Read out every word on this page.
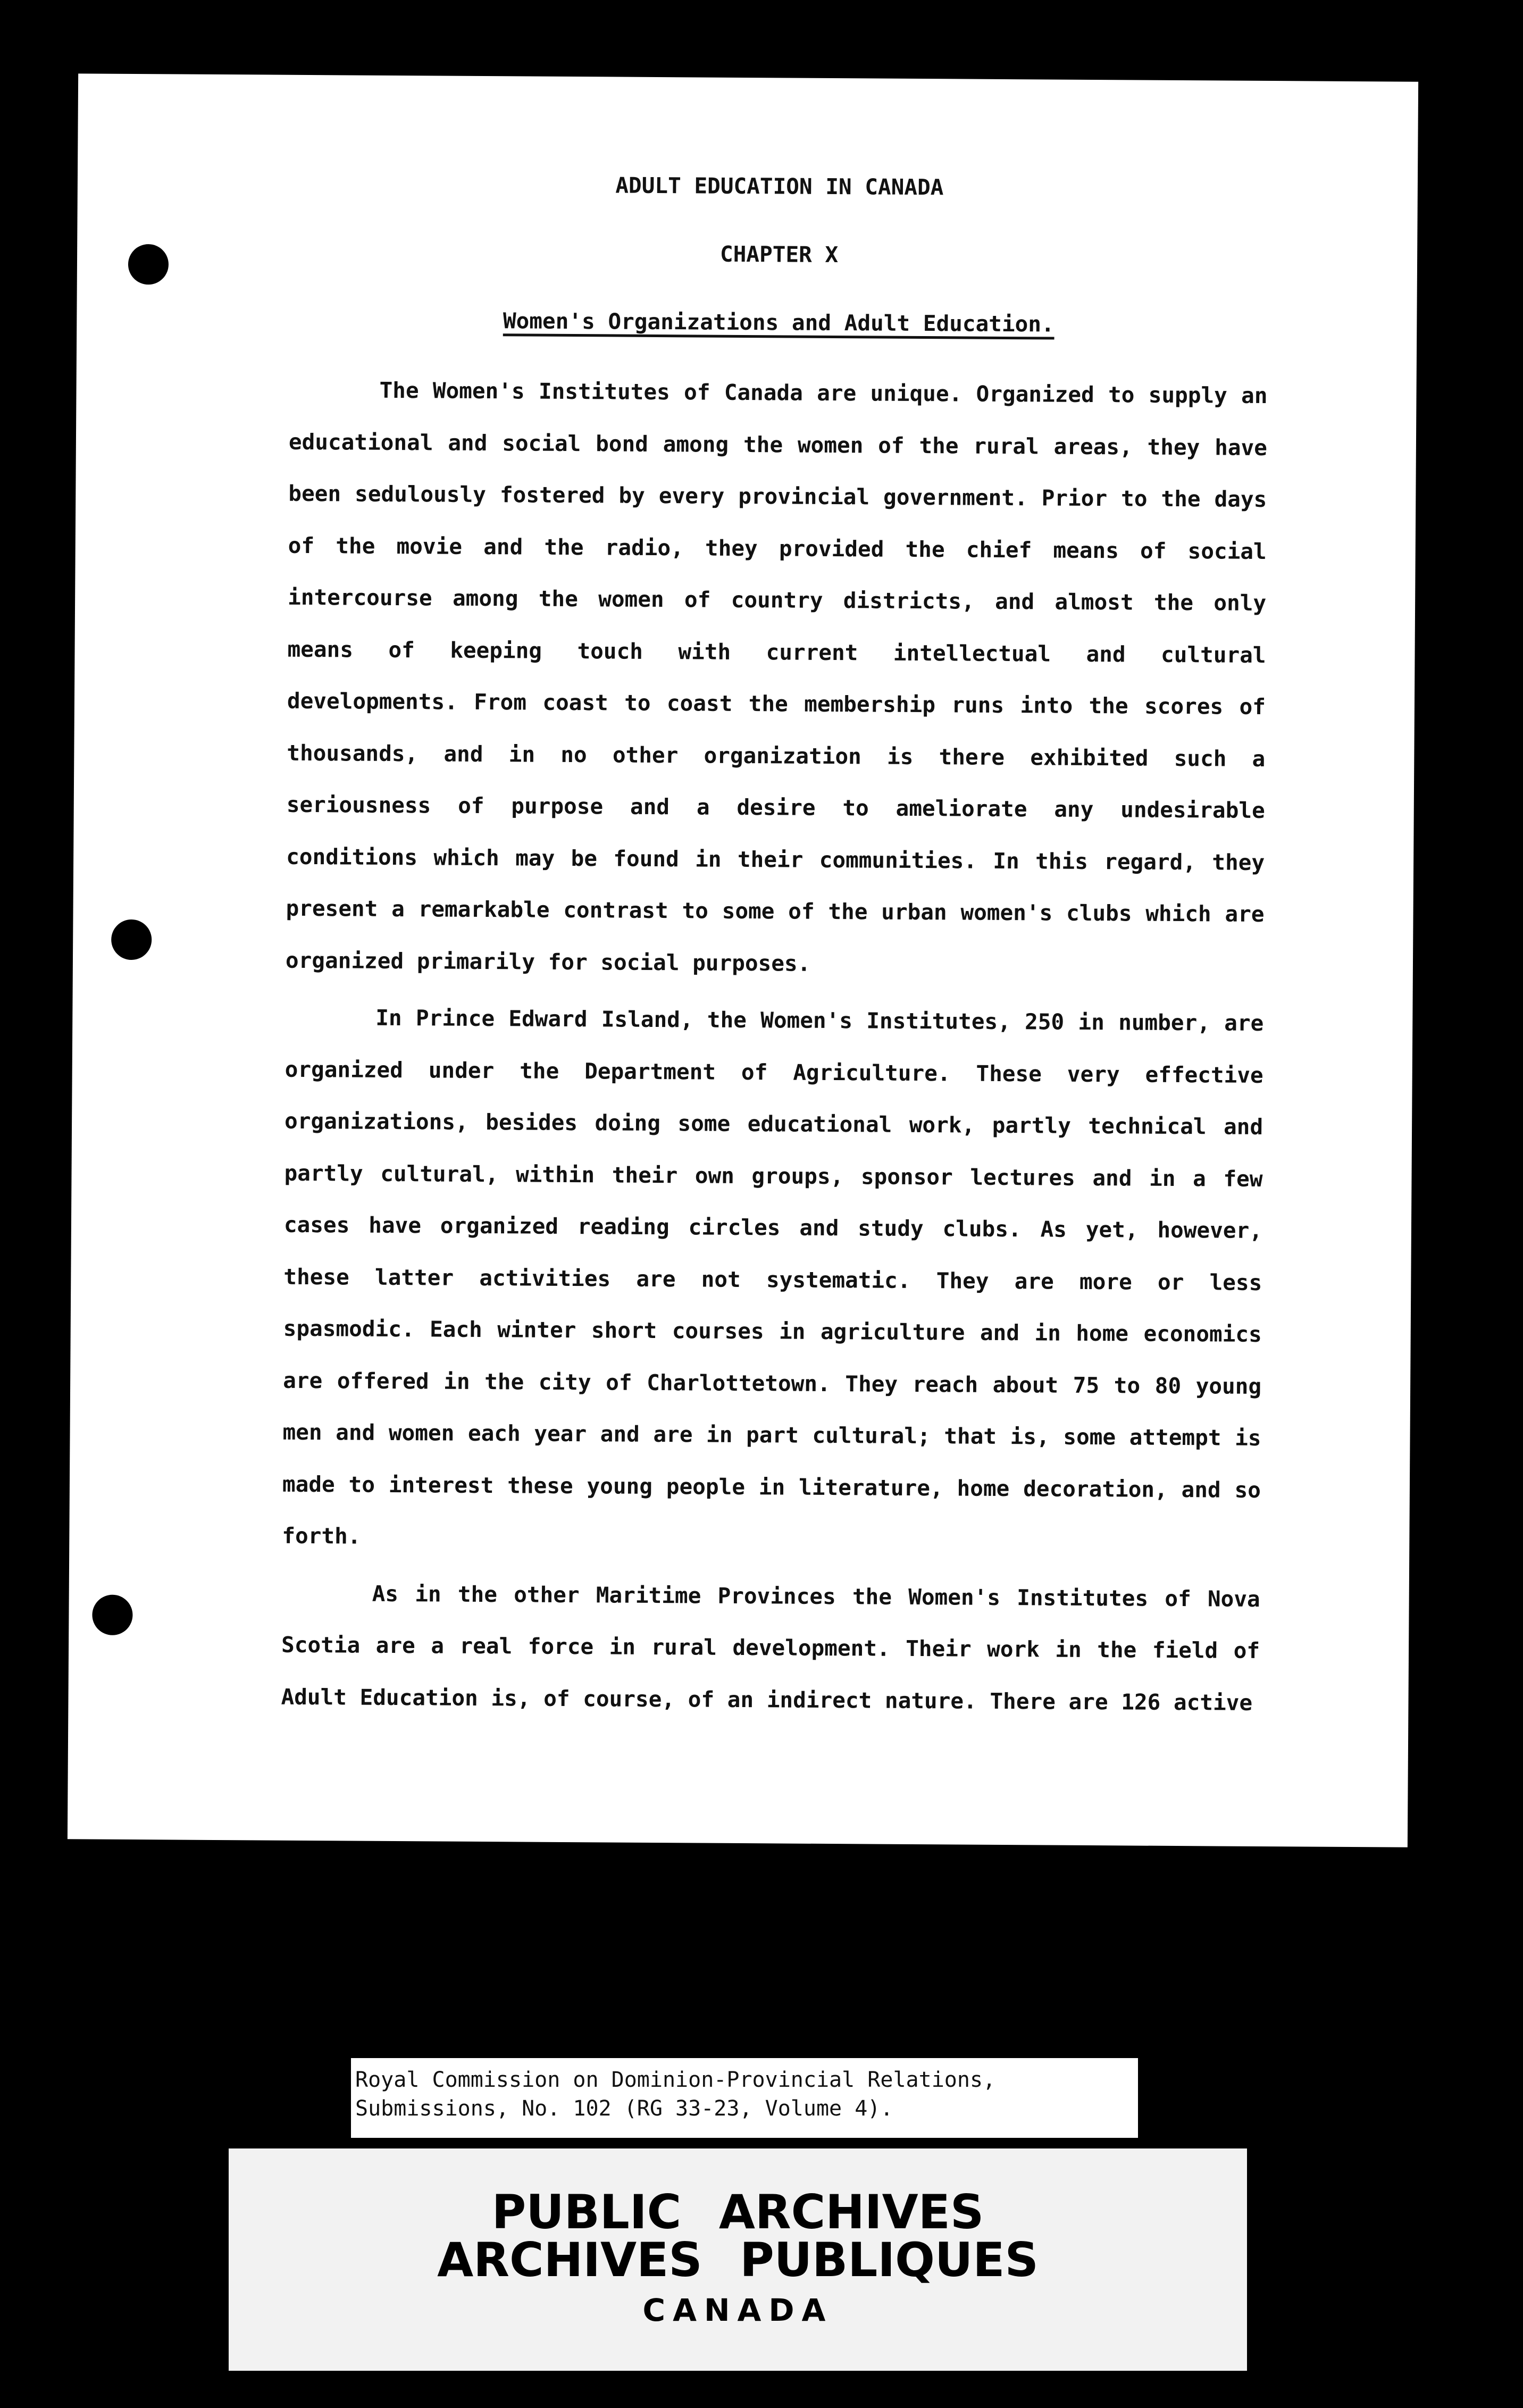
ADULT EDUCATION IN CANADA

CHAPTER X

Women's Organizations and Adult Education.

The Women's Institutes of Canada are unique. Organized to supply an educational and social bond among the women of the rural areas, they have been sedulously fostered by every provincial government. Prior to the days of the movie and the radio, they provided the chief means of social intercourse among the women of country districts, and almost the only means of keeping touch with current intellectual and cultural developments. From coast to coast the membership runs into the scores of thousands, and in no other organization is there exhibited such a seriousness of purpose and a desire to ameliorate any undesirable conditions which may be found in their communities. In this regard, they present a remarkable contrast to some of the urban women's clubs which are organized primarily for social purposes.

In Prince Edward Island, the Women's Institutes, 250 in number, are organized under the Department of Agriculture. These very effective organizations, besides doing some educational work, partly technical and partly cultural, within their own groups, sponsor lectures and in a few cases have organized reading circles and study clubs. As yet, however, these latter activities are not systematic. They are more or less spasmodic. Each winter short courses in agriculture and in home economics are offered in the city of Charlottetown. They reach about 75 to 80 young men and women each year and are in part cultural; that is, some attempt is made to interest these young people in literature, home decoration, and so forth.

As in the other Maritime Provinces the Women's Institutes of Nova Scotia are a real force in rural development. Their work in the field of Adult Education is, of course, of an indirect nature. There are 126 active

Royal Commission on Dominion-Provincial Relations,
Submissions, No. 102 (RG 33-23, Volume 4).
PUBLIC ARCHIVES
ARCHIVES PUBLIQUES
CANADA
